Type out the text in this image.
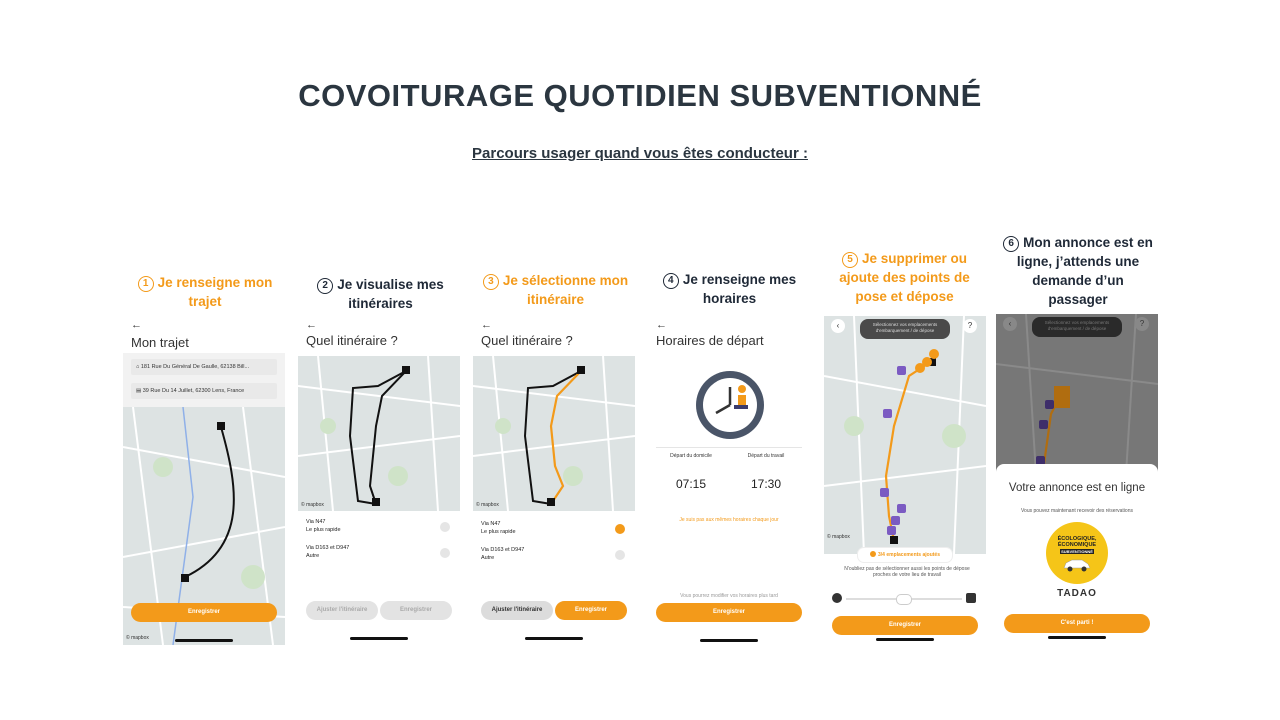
COVOITURAGE QUOTIDIEN SUBVENTIONNÉ
Parcours usager quand vous êtes conducteur :
1 Je renseigne mon trajet
2 Je visualise mes itinéraires
3 Je sélectionne mon itinéraire
4 Je renseigne mes horaires
5 Je supprimer ou ajoute des points de pose et dépose
6 Mon annonce est en ligne, j’attends une demande d’un passager
←
Mon trajet
⌂ 181 Rue Du Général De Gaulle, 62138 Bill...
▤ 39 Rue Du 14 Juillet, 62300 Lens, France
© mapbox
Enregistrer
←
Quel itinéraire ?
© mapbox
Via N47
Le plus rapide
Via D163 et D947
Autre
Ajuster l'itinéraire	Enregistrer
←
Quel itinéraire ?
© mapbox
Via N47
Le plus rapide
Via D163 et D947
Autre
Ajuster l'itinéraire	Enregistrer
←
Horaires de départ
Départ du domicile
07:15
Départ du travail
17:30
Je suis pas aux mêmes horaires chaque jour
Vous pourrez modifier vos horaires plus tard
Enregistrer
Sélectionnez vos emplacements d'embarquement / de dépose
‹	?
© mapbox
3/4 emplacements ajoutés
N'oubliez pas de sélectionner aussi les points de dépose proches de votre lieu de travail
Enregistrer
Sélectionnez vos emplacements d'embarquement / de dépose
‹	?
Votre annonce est en ligne
Vous pouvez maintenant recevoir des réservations
ÉCOLOGIQUE,
ÉCONOMIQUE
SUBVENTIONNÉ
TADAO
C'est parti !
